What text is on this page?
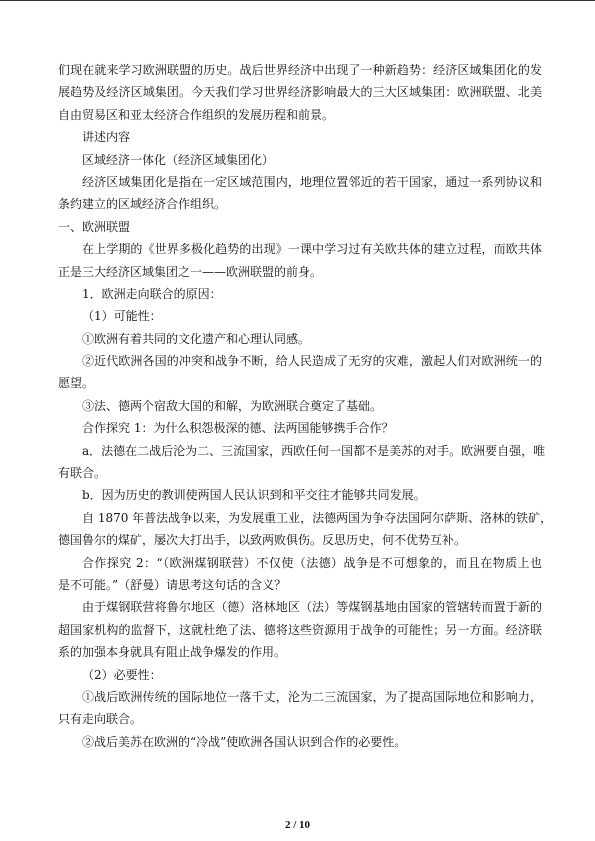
们现在就来学习欧洲联盟的历史。战后世界经济中出现了一种新趋势：经济区域集团化的发
展趋势及经济区域集团。今天我们学习世界经济影响最大的三大区域集团：欧洲联盟、北美
自由贸易区和亚太经济合作组织的发展历程和前景。
讲述内容
区域经济一体化（经济区域集团化）
经济区域集团化是指在一定区域范围内，地理位置邻近的若干国家，通过一系列协议和
条约建立的区域经济合作组织。
一、欧洲联盟
在上学期的《世界多极化趋势的出现》一课中学习过有关欧共体的建立过程，而欧共体
正是三大经济区域集团之一——欧洲联盟的前身。
1．欧洲走向联合的原因：
（1）可能性：
①欧洲有着共同的文化遗产和心理认同感。
②近代欧洲各国的冲突和战争不断，给人民造成了无穷的灾难，激起人们对欧洲统一的
愿望。
③法、德两个宿敌大国的和解，为欧洲联合奠定了基础。
合作探究 1：为什么积怨极深的德、法两国能够携手合作？
a．法德在二战后沦为二、三流国家，西欧任何一国都不是美苏的对手。欧洲要自强，唯
有联合。
b．因为历史的教训使两国人民认识到和平交往才能够共同发展。
自 1870 年普法战争以来，为发展重工业，法德两国为争夺法国阿尔萨斯、洛林的铁矿，
德国鲁尔的煤矿，屡次大打出手，以致两败俱伤。反思历史，何不优势互补。
合作探究 2：“（欧洲煤钢联营）不仅使（法德）战争是不可想象的，而且在物质上也
是不可能。”（舒曼）请思考这句话的含义？
由于煤钢联营将鲁尔地区（德）洛林地区（法）等煤钢基地由国家的管辖转而置于新的
超国家机构的监督下，这就杜绝了法、德将这些资源用于战争的可能性；另一方面。经济联
系的加强本身就具有阻止战争爆发的作用。
（2）必要性：
①战后欧洲传统的国际地位一落千丈，沦为二三流国家，为了提高国际地位和影响力，
只有走向联合。
②战后美苏在欧洲的“冷战”使欧洲各国认识到合作的必要性。
2 / 10
